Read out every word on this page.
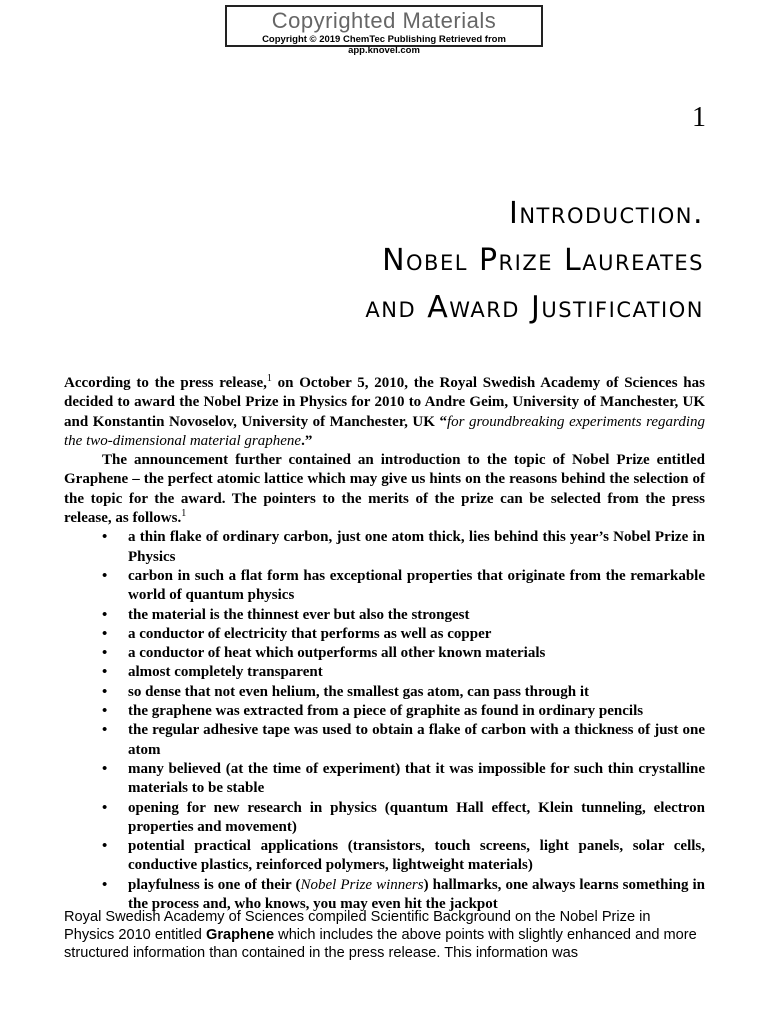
Copyrighted Materials
Copyright © 2019 ChemTec Publishing Retrieved from app.knovel.com
1
Introduction.
Nobel Prize Laureates
and Award Justification

According to the press release,$^1$ on October 5, 2010, the Royal Swedish Academy of Sciences has decided to award the Nobel Prize in Physics for 2010 to Andre Geim, University of Manchester, UK and Konstantin Novoselov, University of Manchester, UK “for groundbreaking experiments regarding the two-dimensional material graphene.”

The announcement further contained an introduction to the topic of Nobel Prize entitled Graphene – the perfect atomic lattice which may give us hints on the reasons behind the selection of the topic for the award. The pointers to the merits of the prize can be selected from the press release, as follows.$^1$

• a thin flake of ordinary carbon, just one atom thick, lies behind this year’s Nobel Prize in Physics
• carbon in such a flat form has exceptional properties that originate from the remarkable world of quantum physics
• the material is the thinnest ever but also the strongest
• a conductor of electricity that performs as well as copper
• a conductor of heat which outperforms all other known materials
• almost completely transparent
• so dense that not even helium, the smallest gas atom, can pass through it
• the graphene was extracted from a piece of graphite as found in ordinary pencils
• the regular adhesive tape was used to obtain a flake of carbon with a thickness of just one atom
• many believed (at the time of experiment) that it was impossible for such thin crystalline materials to be stable
• opening for new research in physics (quantum Hall effect, Klein tunneling, electron properties and movement)
• potential practical applications (transistors, touch screens, light panels, solar cells, conductive plastics, reinforced polymers, lightweight materials)
• playfulness is one of their (Nobel Prize winners) hallmarks, one always learns something in the process and, who knows, you may even hit the jackpot
Royal Swedish Academy of Sciences compiled Scientific Background on the Nobel Prize in Physics 2010 entitled Graphene which includes the above points with slightly enhanced and more structured information than contained in the press release. This information was
